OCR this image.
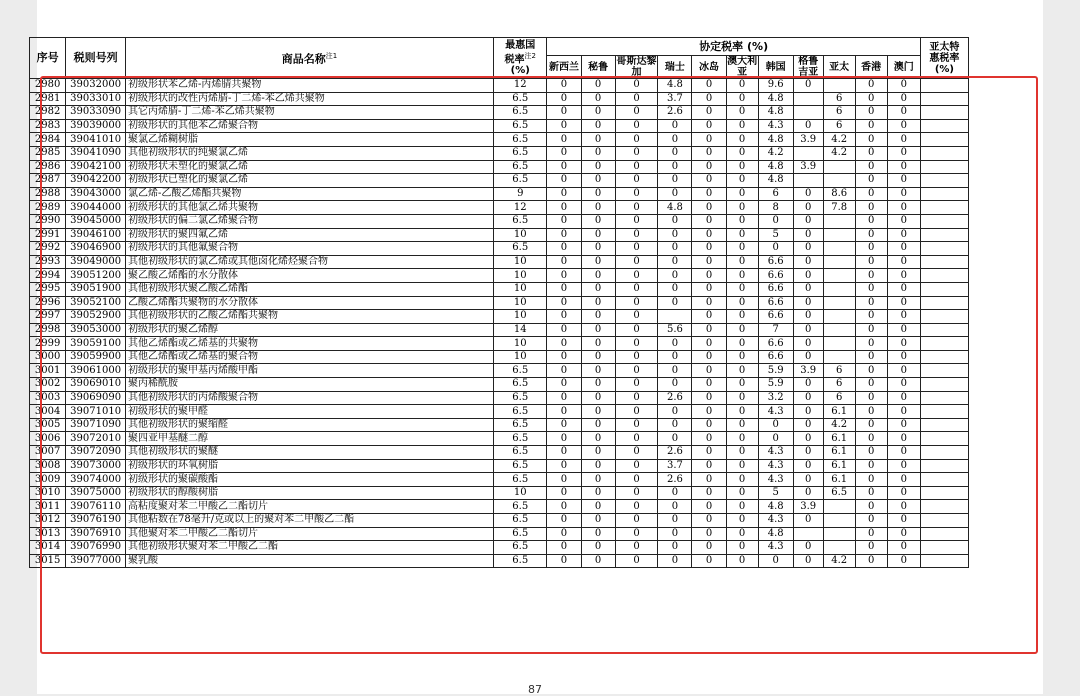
序号	税则号列	商品名称$^{注1}$	最惠国
税率$^{注2}$
(%)	协定税率 (%)											亚太特
惠税率
(%)

				新西兰	秘鲁	哥斯达黎加	瑞士	冰岛	澳大利亚	韩国	格鲁吉亚	亚太	香港	澳门	

2980	39032000	初级形状苯乙烯-丙烯腈共聚物	12	0	0	0	4.8	0	0	9.6	0		0	0	
2981	39033010	初级形状的改性丙烯腈-丁二烯-苯乙烯共聚物	6.5	0	0	0	3.7	0	0	4.8		6	0	0	
2982	39033090	其它丙烯腈-丁二烯-苯乙烯共聚物	6.5	0	0	0	2.6	0	0	4.8		6	0	0	
2983	39039000	初级形状的其他苯乙烯聚合物	6.5	0	0	0	0	0	0	4.3	0	6	0	0	
2984	39041010	聚氯乙烯糊树脂	6.5	0	0	0	0	0	0	4.8	3.9	4.2	0	0	
2985	39041090	其他初级形状的纯聚氯乙烯	6.5	0	0	0	0	0	0	4.2		4.2	0	0	
2986	39042100	初级形状未塑化的聚氯乙烯	6.5	0	0	0	0	0	0	4.8	3.9		0	0	
2987	39042200	初级形状已塑化的聚氯乙烯	6.5	0	0	0	0	0	0	4.8			0	0	
2988	39043000	氯乙烯-乙酸乙烯酯共聚物	9	0	0	0	0	0	0	6	0	8.6	0	0	
2989	39044000	初级形状的其他氯乙烯共聚物	12	0	0	0	4.8	0	0	8	0	7.8	0	0	
2990	39045000	初级形状的偏二氯乙烯聚合物	6.5	0	0	0	0	0	0	0	0		0	0	
2991	39046100	初级形状的聚四氟乙烯	10	0	0	0	0	0	0	5	0		0	0	
2992	39046900	初级形状的其他氟聚合物	6.5	0	0	0	0	0	0	0	0		0	0	
2993	39049000	其他初级形状的氯乙烯或其他卤化烯烃聚合物	10	0	0	0	0	0	0	6.6	0		0	0	
2994	39051200	聚乙酸乙烯酯的水分散体	10	0	0	0	0	0	0	6.6	0		0	0	
2995	39051900	其他初级形状聚乙酸乙烯酯	10	0	0	0	0	0	0	6.6	0		0	0	
2996	39052100	乙酸乙烯酯共聚物的水分散体	10	0	0	0	0	0	0	6.6	0		0	0	
2997	39052900	其他初级形状的乙酸乙烯酯共聚物	10	0	0	0		0	0	6.6	0		0	0	
2998	39053000	初级形状的聚乙烯醇	14	0	0	0	5.6	0	0	7	0		0	0	
2999	39059100	其他乙烯酯或乙烯基的共聚物	10	0	0	0	0	0	0	6.6	0		0	0	
3000	39059900	其他乙烯酯或乙烯基的聚合物	10	0	0	0	0	0	0	6.6	0		0	0	
3001	39061000	初级形状的聚甲基丙烯酸甲酯	6.5	0	0	0	0	0	0	5.9	3.9	6	0	0	
3002	39069010	聚丙稀酰胺	6.5	0	0	0	0	0	0	5.9	0	6	0	0	
3003	39069090	其他初级形状的丙烯酸聚合物	6.5	0	0	0	2.6	0	0	3.2	0	6	0	0	
3004	39071010	初级形状的聚甲醛	6.5	0	0	0	0	0	0	4.3	0	6.1	0	0	
3005	39071090	其他初级形状的聚缩醛	6.5	0	0	0	0	0	0	0	0	4.2	0	0	
3006	39072010	聚四亚甲基醚二醇	6.5	0	0	0	0	0	0	0	0	6.1	0	0	
3007	39072090	其他初级形状的聚醚	6.5	0	0	0	2.6	0	0	4.3	0	6.1	0	0	
3008	39073000	初级形状的环氧树脂	6.5	0	0	0	3.7	0	0	4.3	0	6.1	0	0	
3009	39074000	初级形状的聚碳酸酯	6.5	0	0	0	2.6	0	0	4.3	0	6.1	0	0	
3010	39075000	初级形状的醇酸树脂	10	0	0	0	0	0	0	5	0	6.5	0	0	
3011	39076110	高粘度聚对苯二甲酸乙二酯切片	6.5	0	0	0	0	0	0	4.8	3.9		0	0	
3012	39076190	其他粘数在78毫升/克或以上的聚对苯二甲酸乙二酯	6.5	0	0	0	0	0	0	4.3	0		0	0	
3013	39076910	其他聚对苯二甲酸乙二酯切片	6.5	0	0	0	0	0	0	4.8			0	0	
3014	39076990	其他初级形状聚对苯二甲酸乙二酯	6.5	0	0	0	0	0	0	4.3	0		0	0	
3015	39077000	聚乳酸	6.5	0	0	0	0	0	0	0	0	4.2	0	0	
87
